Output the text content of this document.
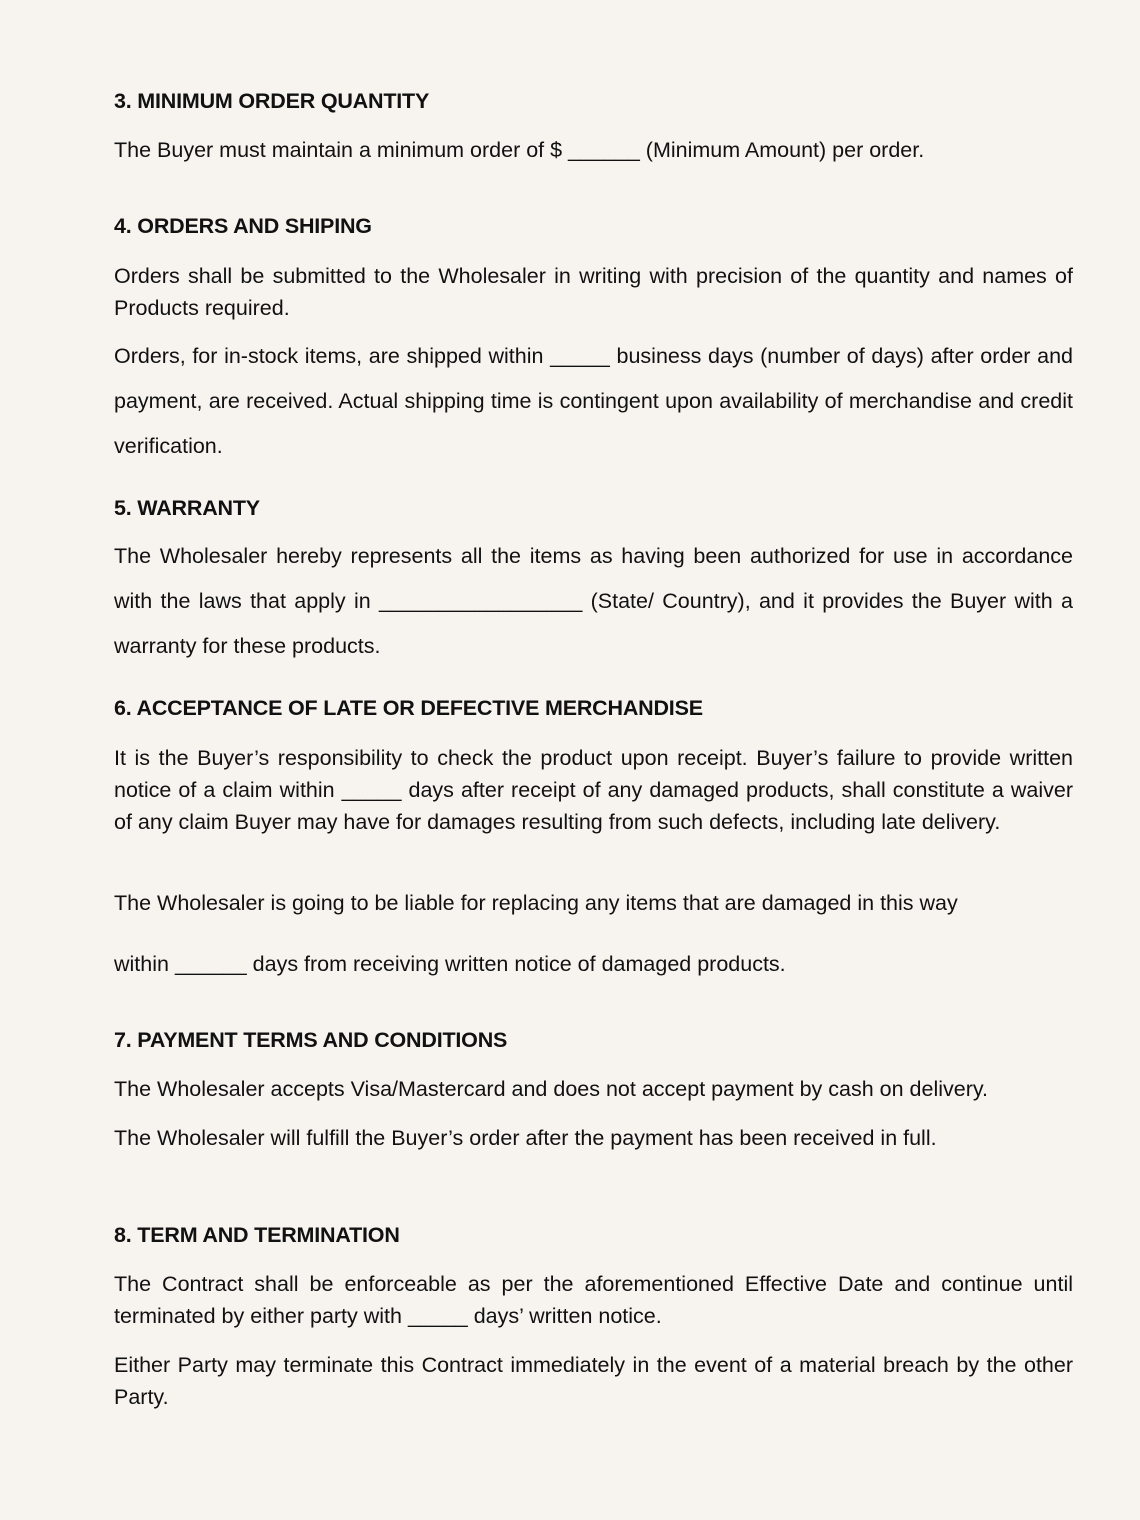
3. MINIMUM ORDER QUANTITY

The Buyer must maintain a minimum order of $ ______ (Minimum Amount) per order.

4. ORDERS AND SHIPING

Orders shall be submitted to the Wholesaler in writing with precision of the quantity and names of Products required.

Orders, for in-stock items, are shipped within _____ business days (number of days) after order and payment, are received. Actual shipping time is contingent upon availability of merchandise and credit verification.

5. WARRANTY

The Wholesaler hereby represents all the items as having been authorized for use in accordance with the laws that apply in _________________ (State/ Country), and it provides the Buyer with a warranty for these products.

6. ACCEPTANCE OF LATE OR DEFECTIVE MERCHANDISE

It is the Buyer’s responsibility to check the product upon receipt. Buyer’s failure to provide written notice of a claim within _____ days after receipt of any damaged products, shall constitute a waiver of any claim Buyer may have for damages resulting from such defects, including late delivery.

The Wholesaler is going to be liable for replacing any items that are damaged in this way

within ______ days from receiving written notice of damaged products.

7. PAYMENT TERMS AND CONDITIONS

The Wholesaler accepts Visa/Mastercard and does not accept payment by cash on delivery.

The Wholesaler will fulfill the Buyer’s order after the payment has been received in full.

8. TERM AND TERMINATION

The Contract shall be enforceable as per the aforementioned Effective Date and continue until terminated by either party with _____ days’ written notice.

Either Party may terminate this Contract immediately in the event of a material breach by the other Party.
